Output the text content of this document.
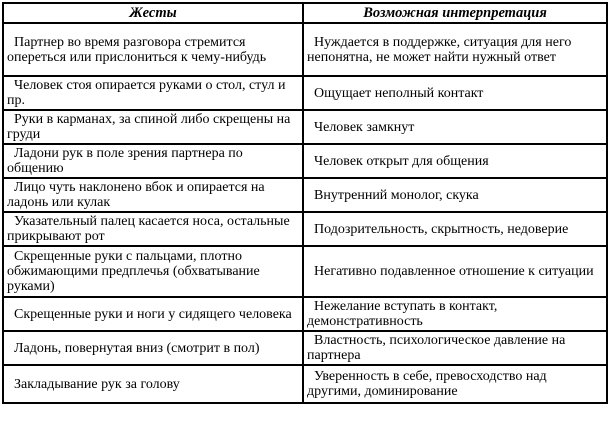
Жесты	Возможная интерпретация
Партнер во время разговора стремится опереться или прислониться к чему-нибудь	Нуждается в поддержке, ситуация для него непонятна, не может найти нужный ответ
Человек стоя опирается руками о стол, стул и пр.	Ощущает неполный контакт
Руки в карманах, за спиной либо скрещены на груди	Человек замкнут
Ладони рук в поле зрения партнера по общению	Человек открыт для общения
Лицо чуть наклонено вбок и опирается на ладонь или кулак	Внутренний монолог, скука
Указательный палец касается носа, остальные прикрывают рот	Подозрительность, скрытность, недоверие
Скрещенные руки с пальцами, плотно обжимающими предплечья (обхватывание руками)	Негативно подавленное отношение к ситуации
Скрещенные руки и ноги у сидящего человека	Нежелание вступать в контакт, демонстративность
Ладонь, повернутая вниз (смотрит в пол)	Властность, психологическое давление на партнера
Закладывание рук за голову	Уверенность в себе, превосходство над другими, доминирование
